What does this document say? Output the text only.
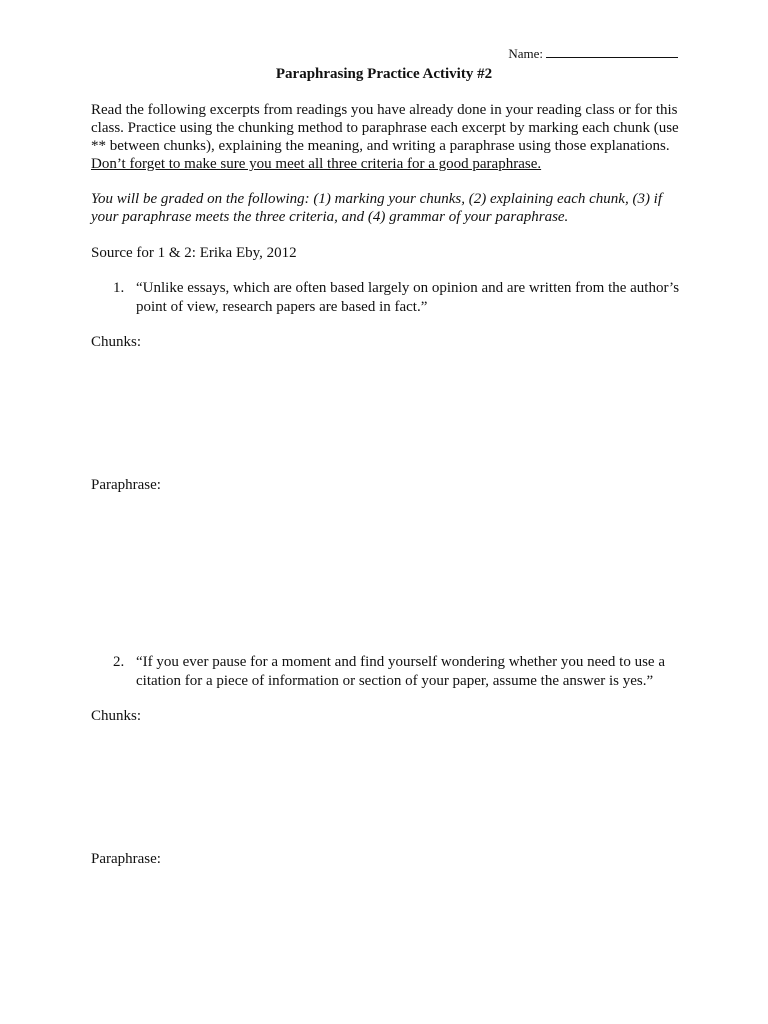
Name:
Paraphrasing Practice Activity #2
Read the following excerpts from readings you have already done in your reading class or for this class. Practice using the chunking method to paraphrase each excerpt by marking each chunk (use ** between chunks), explaining the meaning, and writing a paraphrase using those explanations. Don’t forget to make sure you meet all three criteria for a good paraphrase.
You will be graded on the following: (1) marking your chunks, (2) explaining each chunk, (3) if your paraphrase meets the three criteria, and (4) grammar of your paraphrase.
Source for 1 & 2: Erika Eby, 2012
1. “Unlike essays, which are often based largely on opinion and are written from the author’s point of view, research papers are based in fact.”
Chunks:
Paraphrase:
2. “If you ever pause for a moment and find yourself wondering whether you need to use a citation for a piece of information or section of your paper, assume the answer is yes.”
Chunks:
Paraphrase:
